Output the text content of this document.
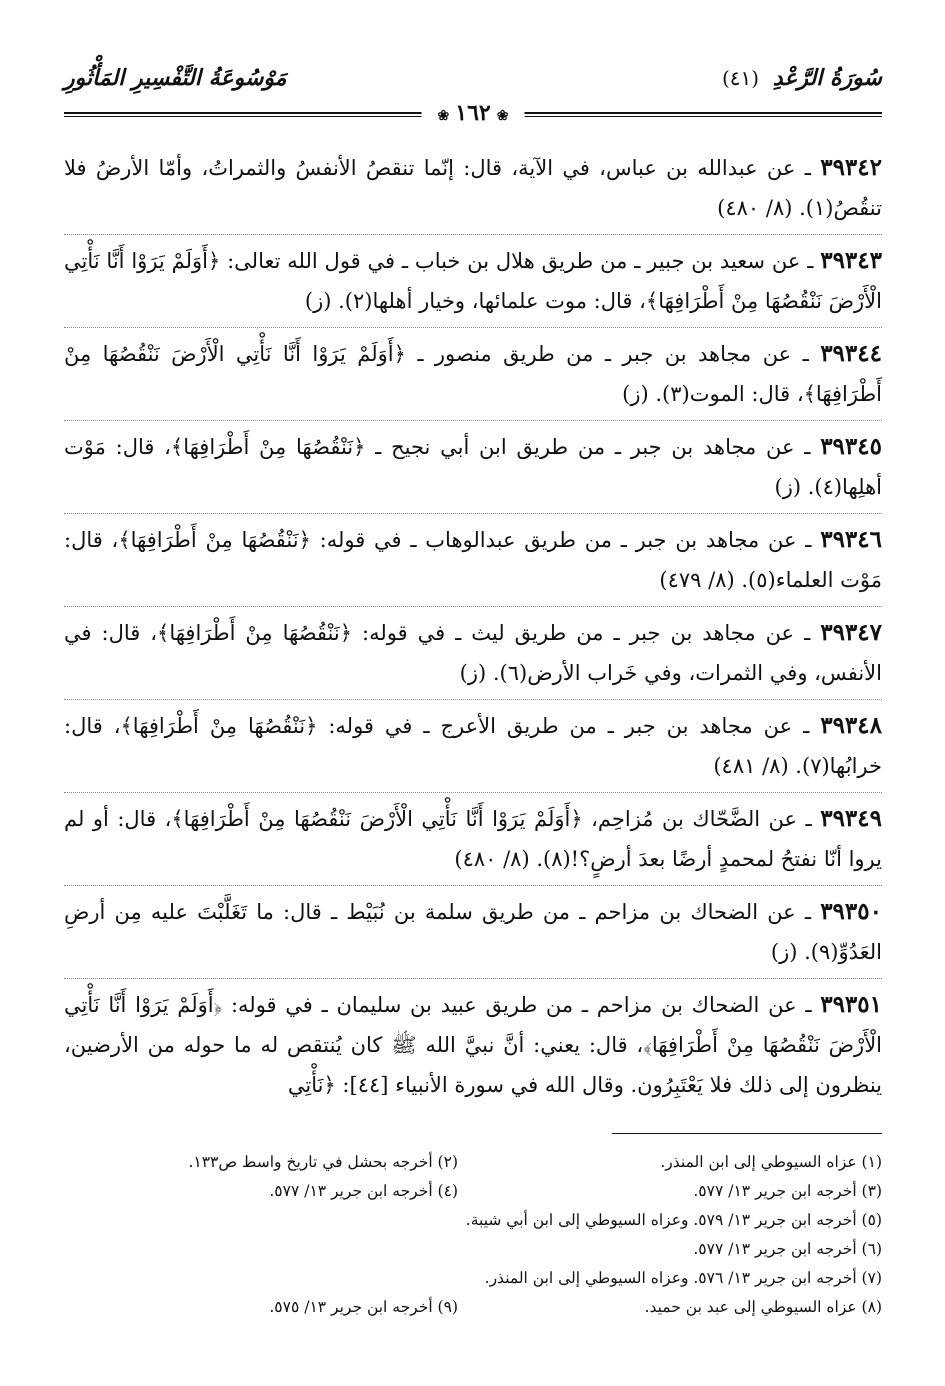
سُورَةُ الرَّعْدِ (٤١)
مَوْسُوعَةُ التَّفْسِيرِ المَأْثُورِ
❀ ١٦٢ ❀
٣٩٣٤٢ ـ عن عبدالله بن عباس، في الآية، قال: إنّما تنقصُ الأنفسُ والثمراتُ، وأمّا الأرضُ فلا تنقُصُ(١). (٨/ ٤٨٠)
٣٩٣٤٣ ـ عن سعيد بن جبير ـ من طريق هلال بن خباب ـ في قول الله تعالى: ﴿أَوَلَمْ يَرَوْا أَنَّا نَأْتِي الْأَرْضَ نَنْقُصُهَا مِنْ أَطْرَافِهَا﴾، قال: موت علمائها، وخيار أهلها(٢). (ز)
٣٩٣٤٤ ـ عن مجاهد بن جبر ـ من طريق منصور ـ ﴿أَوَلَمْ يَرَوْا أَنَّا نَأْتِي الْأَرْضَ نَنْقُصُهَا مِنْ أَطْرَافِهَا﴾، قال: الموت(٣). (ز)
٣٩٣٤٥ ـ عن مجاهد بن جبر ـ من طريق ابن أبي نجيح ـ ﴿نَنْقُصُهَا مِنْ أَطْرَافِهَا﴾، قال: مَوْت أهلِها(٤). (ز)
٣٩٣٤٦ ـ عن مجاهد بن جبر ـ من طريق عبدالوهاب ـ في قوله: ﴿نَنْقُصُهَا مِنْ أَطْرَافِهَا﴾، قال: مَوْت العلماء(٥). (٨/ ٤٧٩)
٣٩٣٤٧ ـ عن مجاهد بن جبر ـ من طريق ليث ـ في قوله: ﴿نَنْقُصُهَا مِنْ أَطْرَافِهَا﴾، قال: في الأنفس، وفي الثمرات، وفي خَراب الأرض(٦). (ز)
٣٩٣٤٨ ـ عن مجاهد بن جبر ـ من طريق الأعرج ـ في قوله: ﴿نَنْقُصُهَا مِنْ أَطْرَافِهَا﴾، قال: خرابُها(٧). (٨/ ٤٨١)
٣٩٣٤٩ ـ عن الضَّحّاك بن مُزاحِم، ﴿أَوَلَمْ يَرَوْا أَنَّا نَأْتِي الْأَرْضَ نَنْقُصُهَا مِنْ أَطْرَافِهَا﴾، قال: أو لم يروا أنّا نفتحُ لمحمدٍ أرضًا بعدَ أرضٍ؟!(٨). (٨/ ٤٨٠)
٣٩٣٥٠ ـ عن الضحاك بن مزاحم ـ من طريق سلمة بن نُبَيْط ـ قال: ما تَغَلَّبْتَ عليه مِن أرضِ العَدُوِّ(٩). (ز)
٣٩٣٥١ ـ عن الضحاك بن مزاحم ـ من طريق عبيد بن سليمان ـ في قوله: ﴿أَوَلَمْ يَرَوْا أَنَّا نَأْتِي الْأَرْضَ نَنْقُصُهَا مِنْ أَطْرَافِهَا﴾، قال: يعني: أنَّ نبيَّ الله ﷺ كان يُنتقص له ما حوله من الأرضين، ينظرون إلى ذلك فلا يَعْتَبِرُون. وقال الله في سورة الأنبياء [٤٤]: ﴿نَأْتِي
(١) عزاه السيوطي إلى ابن المنذر.
(٢) أخرجه بحشل في تاريخ واسط ص١٣٣.
(٣) أخرجه ابن جرير ١٣/ ٥٧٧.
(٤) أخرجه ابن جرير ١٣/ ٥٧٧.
(٥) أخرجه ابن جرير ١٣/ ٥٧٩. وعزاه السيوطي إلى ابن أبي شيبة.
(٦) أخرجه ابن جرير ١٣/ ٥٧٧.
(٧) أخرجه ابن جرير ١٣/ ٥٧٦. وعزاه السيوطي إلى ابن المنذر.
(٨) عزاه السيوطي إلى عبد بن حميد.
(٩) أخرجه ابن جرير ١٣/ ٥٧٥.
